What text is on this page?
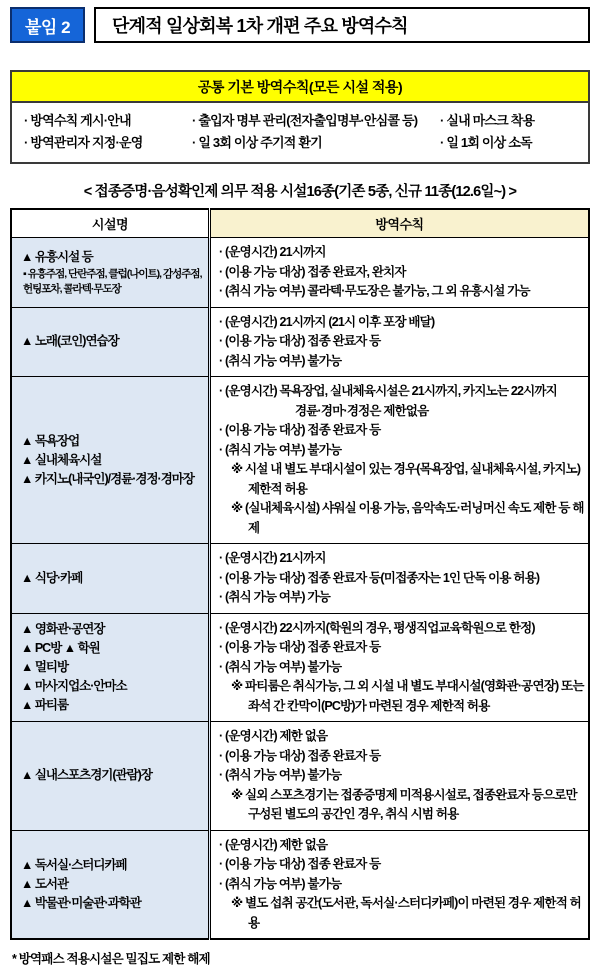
붙임 2	단계적 일상회복 1차 개편 주요 방역수칙
공통 기본 방역수칙(모든 시설 적용)
· 방역수칙 게시·안내
· 방역관리자 지정·운영
· 출입자 명부 관리(전자출입명부·안심콜 등)
· 일 3회 이상 주기적 환기
· 실내 마스크 착용
· 일 1회 이상 소독
< 접종증명·음성확인제 의무 적용 시설16종(기존 5종, 신규 11종(12.6일~) >
시설명	방역수칙

▲ 유흥시설 등
▪ 유흥주점, 단란주점, 클럽(나이트), 감성주점, 헌팅포차, 콜라텍·무도장

· (운영시간) 21시까지
· (이용 가능 대상) 접종 완료자, 완치자
· (취식 가능 여부) 콜라텍·무도장은 불가능, 그 외 유흥시설 가능

▲ 노래(코인)연습장	· (운영시간) 21시까지 (21시 이후 포장 배달)
· (이용 가능 대상) 접종 완료자 등
· (취식 가능 여부) 불가능

▲ 목욕장업
▲ 실내체육시설
▲ 카지노(내국인)/경륜·경정·경마장

· (운영시간) 목욕장업, 실내체육시설은 21시까지, 카지노는 22시까지
경륜·경마·경정은 제한없음
· (이용 가능 대상) 접종 완료자 등
· (취식 가능 여부) 불가능
※ 시설 내 별도 부대시설이 있는 경우(목욕장업, 실내체육시설, 카지노) 제한적 허용
※ (실내체육시설) 샤워실 이용 가능, 음악속도·러닝머신 속도 제한 등 해제

▲ 식당·카페	· (운영시간) 21시까지
· (이용 가능 대상) 접종 완료자 등(미접종자는 1인 단독 이용 허용)
· (취식 가능 여부) 가능

▲ 영화관·공연장
▲ PC방 ▲ 학원
▲ 멀티방
▲ 마사지업소·안마소
▲ 파티룸

· (운영시간) 22시까지(학원의 경우, 평생직업교육학원으로 한정)
· (이용 가능 대상) 접종 완료자 등
· (취식 가능 여부) 불가능
※ 파티룸은 취식가능, 그 외 시설 내 별도 부대시설(영화관·공연장) 또는 좌석 간 칸막이(PC방)가 마련된 경우 제한적 허용

▲ 실내스포츠경기(관람)장	· (운영시간) 제한 없음
· (이용 가능 대상) 접종 완료자 등
· (취식 가능 여부) 불가능
※ 실외 스포츠경기는 접종증명제 미적용시설로, 접종완료자 등으로만 구성된 별도의 공간인 경우, 취식 시범 허용

▲ 독서실·스터디카페
▲ 도서관
▲ 박물관·미술관·과학관

· (운영시간) 제한 없음
· (이용 가능 대상) 접종 완료자 등
· (취식 가능 여부) 불가능
※ 별도 섭취 공간(도서관, 독서실·스터디카페)이 마련된 경우 제한적 허용
* 방역패스 적용시설은 밀집도 제한 해제
